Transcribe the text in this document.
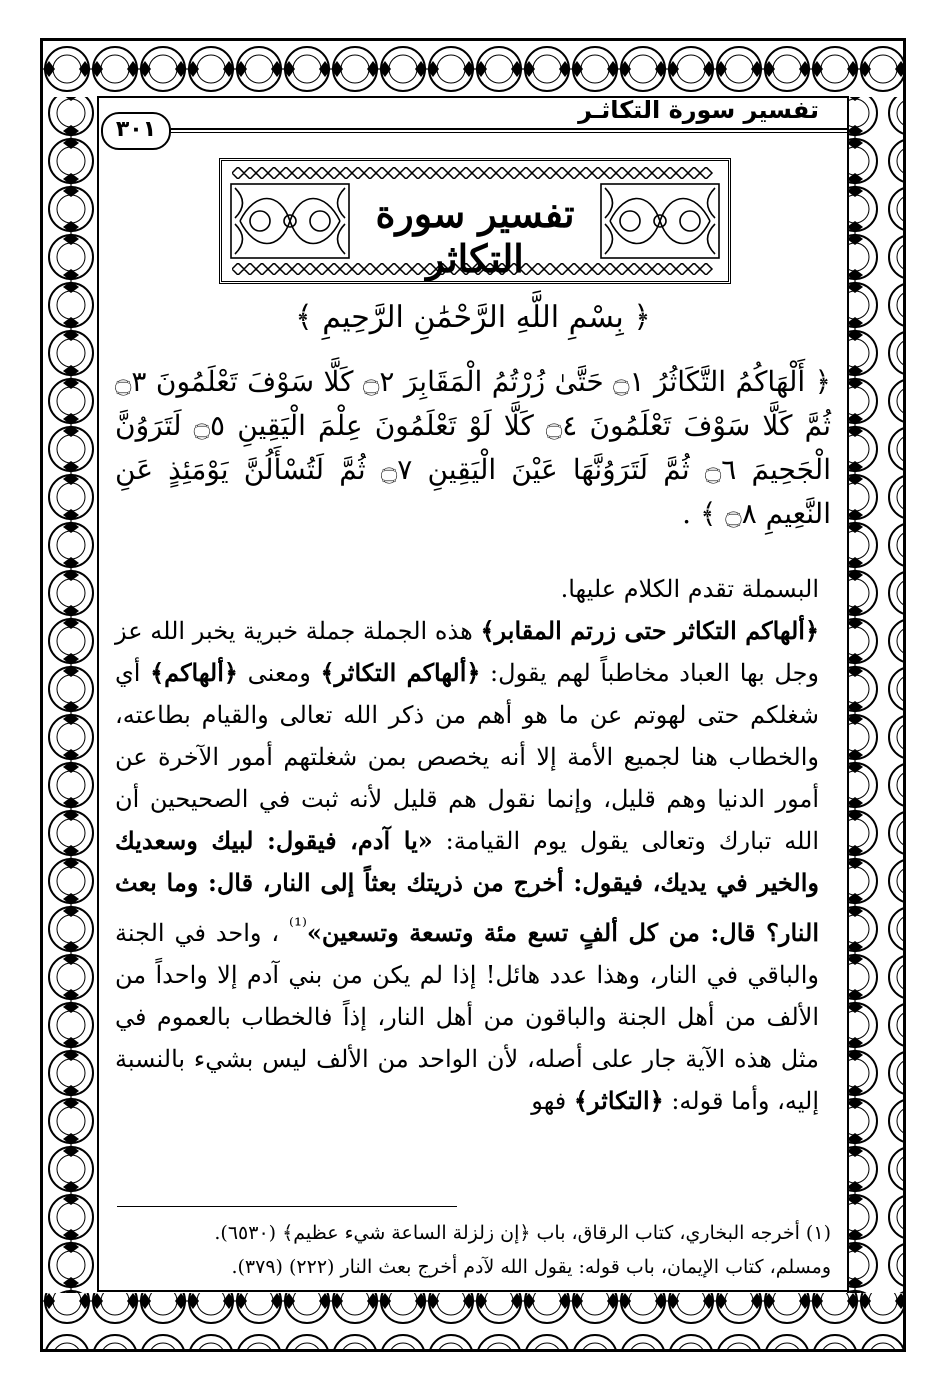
تفسير سورة التكاثـر
٣٠١
تفسير سورة التكاثر
﴿ بِسْمِ اللَّهِ الرَّحْمَٰنِ الرَّحِيمِ ﴾
﴿ أَلْهَاكُمُ التَّكَاثُرُ ۝١ حَتَّىٰ زُرْتُمُ الْمَقَابِرَ ۝٢ كَلَّا سَوْفَ تَعْلَمُونَ ۝٣ ثُمَّ كَلَّا سَوْفَ تَعْلَمُونَ ۝٤ كَلَّا لَوْ تَعْلَمُونَ عِلْمَ الْيَقِينِ ۝٥ لَتَرَوُنَّ الْجَحِيمَ ۝٦ ثُمَّ لَتَرَوُنَّهَا عَيْنَ الْيَقِينِ ۝٧ ثُمَّ لَتُسْأَلُنَّ يَوْمَئِذٍ عَنِ النَّعِيمِ ۝٨ ﴾ .

البسملة تقدم الكلام عليها.

﴿ألهاكم التكاثر حتى زرتم المقابر﴾ هذه الجملة جملة خبرية يخبر الله عز وجل بها العباد مخاطباً لهم يقول: ﴿ألهاكم التكاثر﴾ ومعنى ﴿ألهاكم﴾ أي شغلكم حتى لهوتم عن ما هو أهم من ذكر الله تعالى والقيام بطاعته، والخطاب هنا لجميع الأمة إلا أنه يخصص بمن شغلتهم أمور الآخرة عن أمور الدنيا وهم قليل، وإنما نقول هم قليل لأنه ثبت في الصحيحين أن الله تبارك وتعالى يقول يوم القيامة: «يا آدم، فيقول: لبيك وسعديك والخير في يديك، فيقول: أخرج من ذريتك بعثاً إلى النار، قال: وما بعث النار؟ قال: من كل ألفٍ تسع مئة وتسعة وتسعين»$^{^{(1)}}$ ، واحد في الجنة والباقي في النار، وهذا عدد هائل! إذا لم يكن من بني آدم إلا واحداً من الألف من أهل الجنة والباقون من أهل النار، إذاً فالخطاب بالعموم في مثل هذه الآية جار على أصله، لأن الواحد من الألف ليس بشيء بالنسبة إليه، وأما قوله: ﴿التكاثر﴾ فهو

(١) أخرجه البخاري، كتاب الرقاق، باب ﴿إن زلزلة الساعة شيء عظيم﴾ (٦٥٣٠).
ومسلم، كتاب الإيمان، باب قوله: يقول الله لآدم أخرج بعث النار (٢٢٢) (٣٧٩).
